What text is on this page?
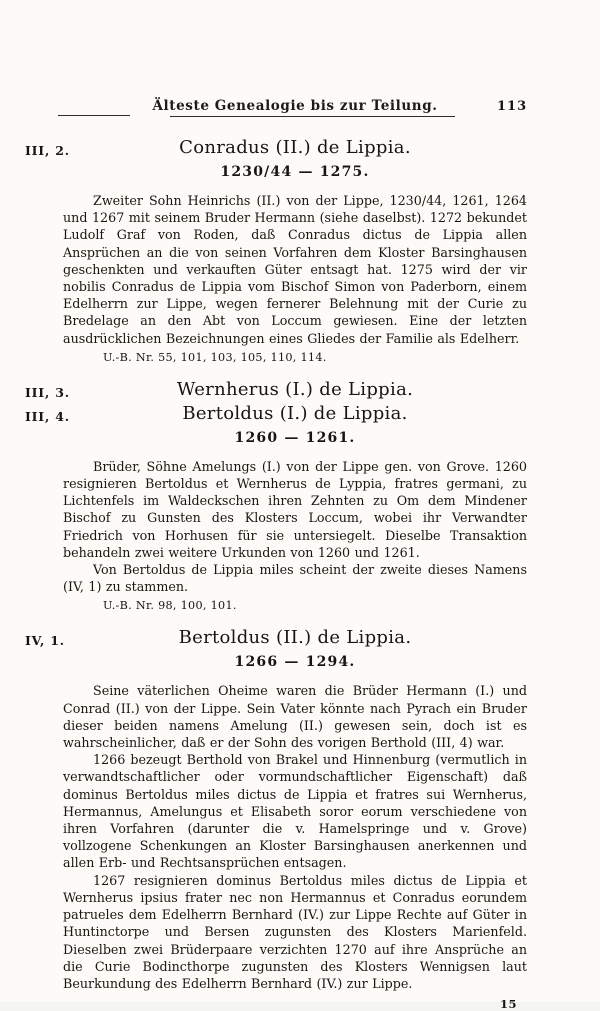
Älteste Genealogie bis zur Teilung.	113
III, 2.	Conradus (II.) de Lippia.
1230/44 — 1275.

Zweiter Sohn Heinrichs (II.) von der Lippe, 1230/44, 1261, 1264 und 1267 mit seinem Bruder Hermann (siehe daselbst). 1272 bekundet Ludolf Graf von Roden, daß Conradus dictus de Lippia allen Ansprüchen an die von seinen Vorfahren dem Kloster Barsinghausen geschenkten und verkauften Güter entsagt hat. 1275 wird der vir nobilis Conradus de Lippia vom Bischof Simon von Paderborn, einem Edelherrn zur Lippe, wegen fernerer Belehnung mit der Curie zu Bredelage an den Abt von Loccum gewiesen. Eine der letzten ausdrücklichen Bezeichnungen eines Gliedes der Familie als Edelherr.

U.-B. Nr. 55, 101, 103, 105, 110, 114.
III, 3.	Wernherus (I.) de Lippia.
III, 4.	Bertoldus (I.) de Lippia.
1260 — 1261.

Brüder, Söhne Amelungs (I.) von der Lippe gen. von Grove. 1260 resignieren Bertoldus et Wernherus de Lyppia, fratres germani, zu Lichtenfels im Waldeckschen ihren Zehnten zu Om dem Mindener Bischof zu Gunsten des Klosters Loccum, wobei ihr Verwandter Friedrich von Horhusen für sie untersiegelt. Dieselbe Transaktion behandeln zwei weitere Urkunden von 1260 und 1261.

Von Bertoldus de Lippia miles scheint der zweite dieses Namens (IV, 1) zu stammen.

U.-B. Nr. 98, 100, 101.
IV, 1.	Bertoldus (II.) de Lippia.
1266 — 1294.

Seine väterlichen Oheime waren die Brüder Hermann (I.) und Conrad (II.) von der Lippe. Sein Vater könnte nach Pyrach ein Bruder dieser beiden namens Amelung (II.) gewesen sein, doch ist es wahrscheinlicher, daß er der Sohn des vorigen Berthold (III, 4) war.

1266 bezeugt Berthold von Brakel und Hinnenburg (vermutlich in verwandtschaftlicher oder vormundschaftlicher Eigenschaft) daß dominus Bertoldus miles dictus de Lippia et fratres sui Wernherus, Hermannus, Amelungus et Elisabeth soror eorum verschiedene von ihren Vorfahren (darunter die v. Hamelspringe und v. Grove) vollzogene Schenkungen an Kloster Barsinghausen anerkennen und allen Erb- und Rechtsansprüchen entsagen.

1267 resignieren dominus Bertoldus miles dictus de Lippia et Wernherus ipsius frater nec non Hermannus et Conradus eorundem patrueles dem Edelherrn Bernhard (IV.) zur Lippe Rechte auf Güter in Huntinctorpe und Bersen zugunsten des Klosters Marienfeld. Dieselben zwei Brüderpaare verzichten 1270 auf ihre Ansprüche an die Curie Bodincthorpe zugunsten des Klosters Wennigsen laut Beurkundung des Edelherrn Bernhard (IV.) zur Lippe.

15
